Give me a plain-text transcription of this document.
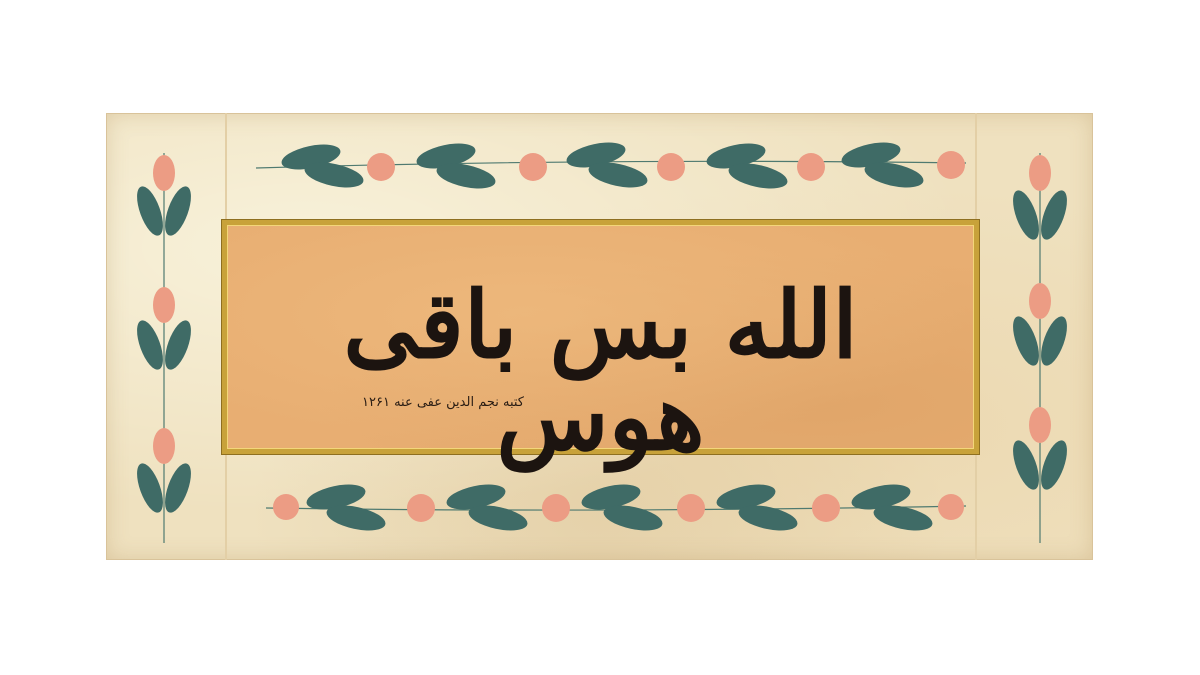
الله بس باقی هوس
کتبه نجم الدین عفی عنه ۱۲۶۱
